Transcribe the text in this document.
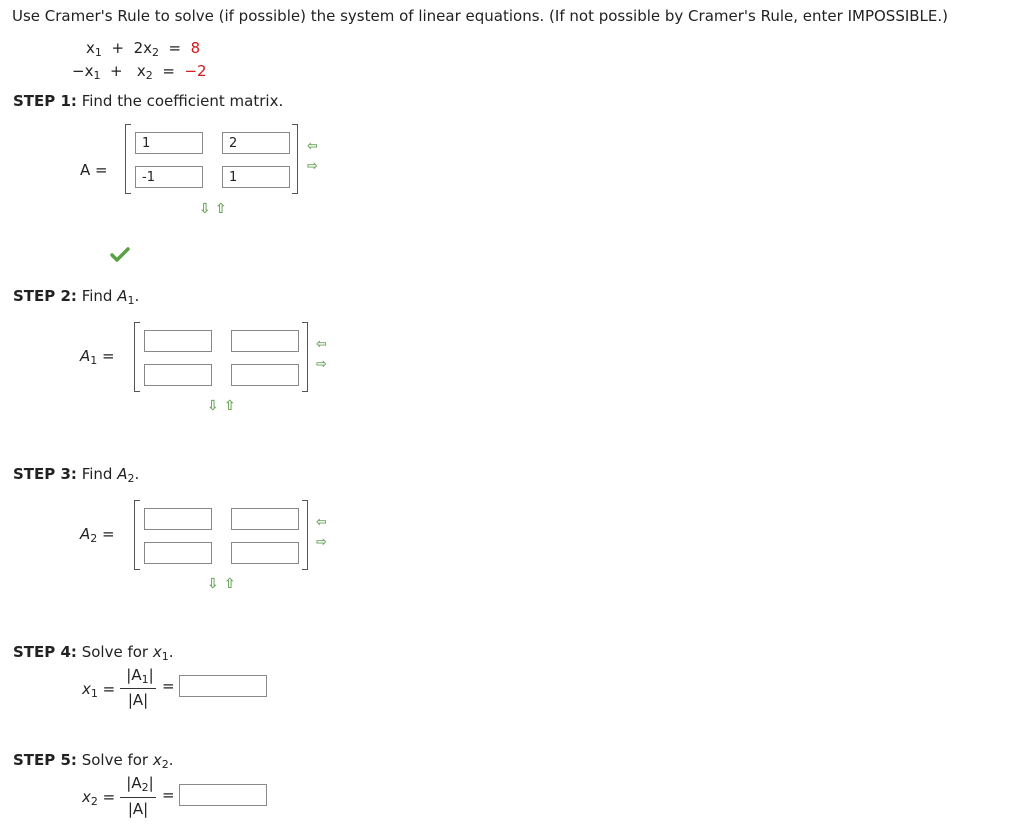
Use Cramer's Rule to solve (if possible) the system of linear equations. (If not possible by Cramer's Rule, enter IMPOSSIBLE.)
$x_1 + 2x_2 = 8$
$-x_1 + x_2 = -2$
STEP 1: Find the coefficient matrix.
A =
1
2
-1
1
⇦
⇨
⇩ ⇧
STEP 2: Find $A_1$.
$A_1$ =
⇦
⇨
⇩ ⇧
STEP 3: Find $A_2$.
$A_2$ =
⇦
⇨
⇩ ⇧
STEP 4: Solve for $x_1$.
$x_1$ =
$|A_1|$
|A|
=
STEP 5: Solve for $x_2$.
$x_2$ =
$|A_2|$
|A|
=
